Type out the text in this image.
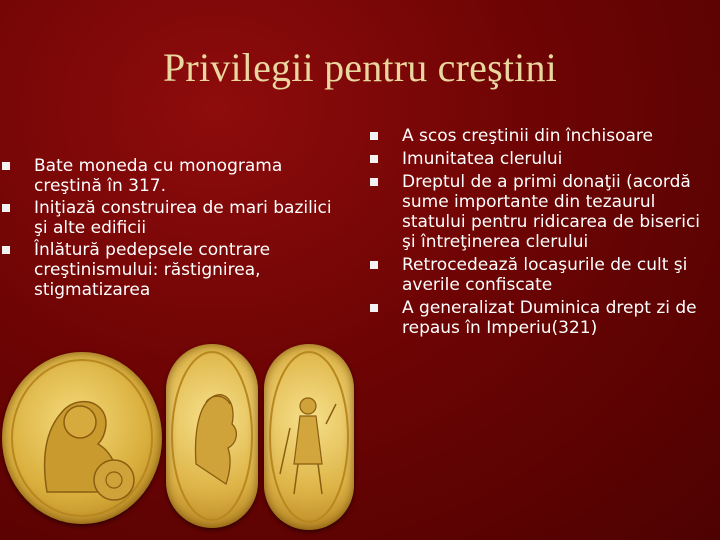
Privilegii pentru creştini
Bate moneda cu monograma creştină în 317.
Iniţiază construirea de mari bazilici şi alte edificii
Înlătură pedepsele contrare creştinismului: răstignirea, stigmatizarea
A scos creştinii din închisoare
Imunitatea clerului
Dreptul de a primi donaţii (acordă sume importante din tezaurul statului pentru ridicarea de biserici şi întreţinerea clerului
Retrocedează locaşurile de cult şi averile confiscate
A generalizat Duminica drept zi de repaus în Imperiu(321)
